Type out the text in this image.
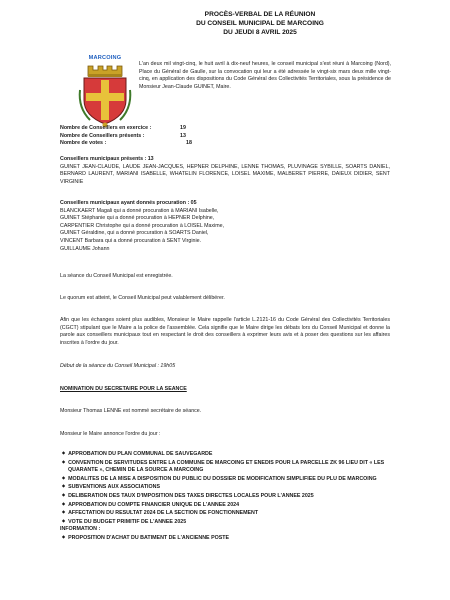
PROCÈS-VERBAL DE LA RÉUNION
DU CONSEIL MUNICIPAL DE MARCOING
DU JEUDI 8 AVRIL 2025
MARCOING
L'an deux mil vingt-cinq, le huit avril à dix-neuf heures, le conseil municipal s'est réuni à Marcoing (Nord), Place du Général de Gaulle, sur la convocation qui leur a été adressée le vingt-six mars deux mille vingt-cinq, en application des dispositions du Code Général des Collectivités Territoriales, sous la présidence de Monsieur Jean-Claude GUINET, Maire.
Nombre de Conseillers en exercice :	19
Nombre de Conseillers présents :	13
Nombre de votes :	18
Conseillers municipaux présents : 13
GUINET JEAN-CLAUDE, LAUDE JEAN-JACQUES, HEPNER DELPHINE, LENNE THOMAS, PLUVINAGE SYBILLE, SOARTS DANIEL, BERNARD LAURENT, MARIANI ISABELLE, WHATELIN FLORENCE, LOISEL MAXIME, MALBERET PIERRE, DAIEUX DIDIER, SENT VIRGINIE
Conseillers municipaux ayant donnés procuration : 05
BLANCKAERT Magali qui a donné procuration à MARIANI Isabelle,
GUINET Stéphanie qui a donné procuration à HEPNER Delphine,
CARPENTIER Christophe qui a donné procuration à LOISEL Maxime,
GUINET Géraldine, qui a donné procuration à SOARTS Daniel,
VINCENT Barbara qui a donné procuration à SENT Virginie.
GUILLAUME Johann
La séance du Conseil Municipal est enregistrée.
Le quorum est atteint, le Conseil Municipal peut valablement délibérer.
Afin que les échanges soient plus audibles, Monsieur le Maire rappelle l'article L.2121-16 du Code Général des Collectivités Territoriales (CGCT) stipulant que le Maire a la police de l'assemblée. Cela signifie que le Maire dirige les débats lors du Conseil Municipal et donne la parole aux conseillers municipaux tout en respectant le droit des conseillers à exprimer leurs avis et à poser des questions sur les affaires inscrites à l'ordre du jour.
Début de la séance du Conseil Municipal : 19h05
NOMINATION DU SECRETAIRE POUR LA SEANCE
Monsieur Thomas LENNE est nommé secrétaire de séance.
Monsieur le Maire annonce l'ordre du jour :
◆ APPROBATION DU PLAN COMMUNAL DE SAUVEGARDE
◆ CONVENTION DE SERVITUDES ENTRE LA COMMUNE DE MARCOING ET ENEDIS POUR LA PARCELLE ZK 96 LIEU DIT « LES QUARANTE », CHEMIN DE LA SOURCE A MARCOING
◆ MODALITES DE LA MISE A DISPOSITION DU PUBLIC DU DOSSIER DE MODIFICATION SIMPLIFIEE DU PLU DE MARCOING
◆ SUBVENTIONS AUX ASSOCIATIONS
◆ DELIBERATION DES TAUX D'IMPOSITION DES TAXES DIRECTES LOCALES POUR L'ANNEE 2025
◆ APPROBATION DU COMPTE FINANCIER UNIQUE DE L'ANNEE 2024
◆ AFFECTATION DU RESULTAT 2024 DE LA SECTION DE FONCTIONNEMENT
◆ VOTE DU BUDGET PRIMITIF DE L'ANNEE 2025
INFORMATION :
◆ PROPOSITION D'ACHAT DU BATIMENT DE L'ANCIENNE POSTE
